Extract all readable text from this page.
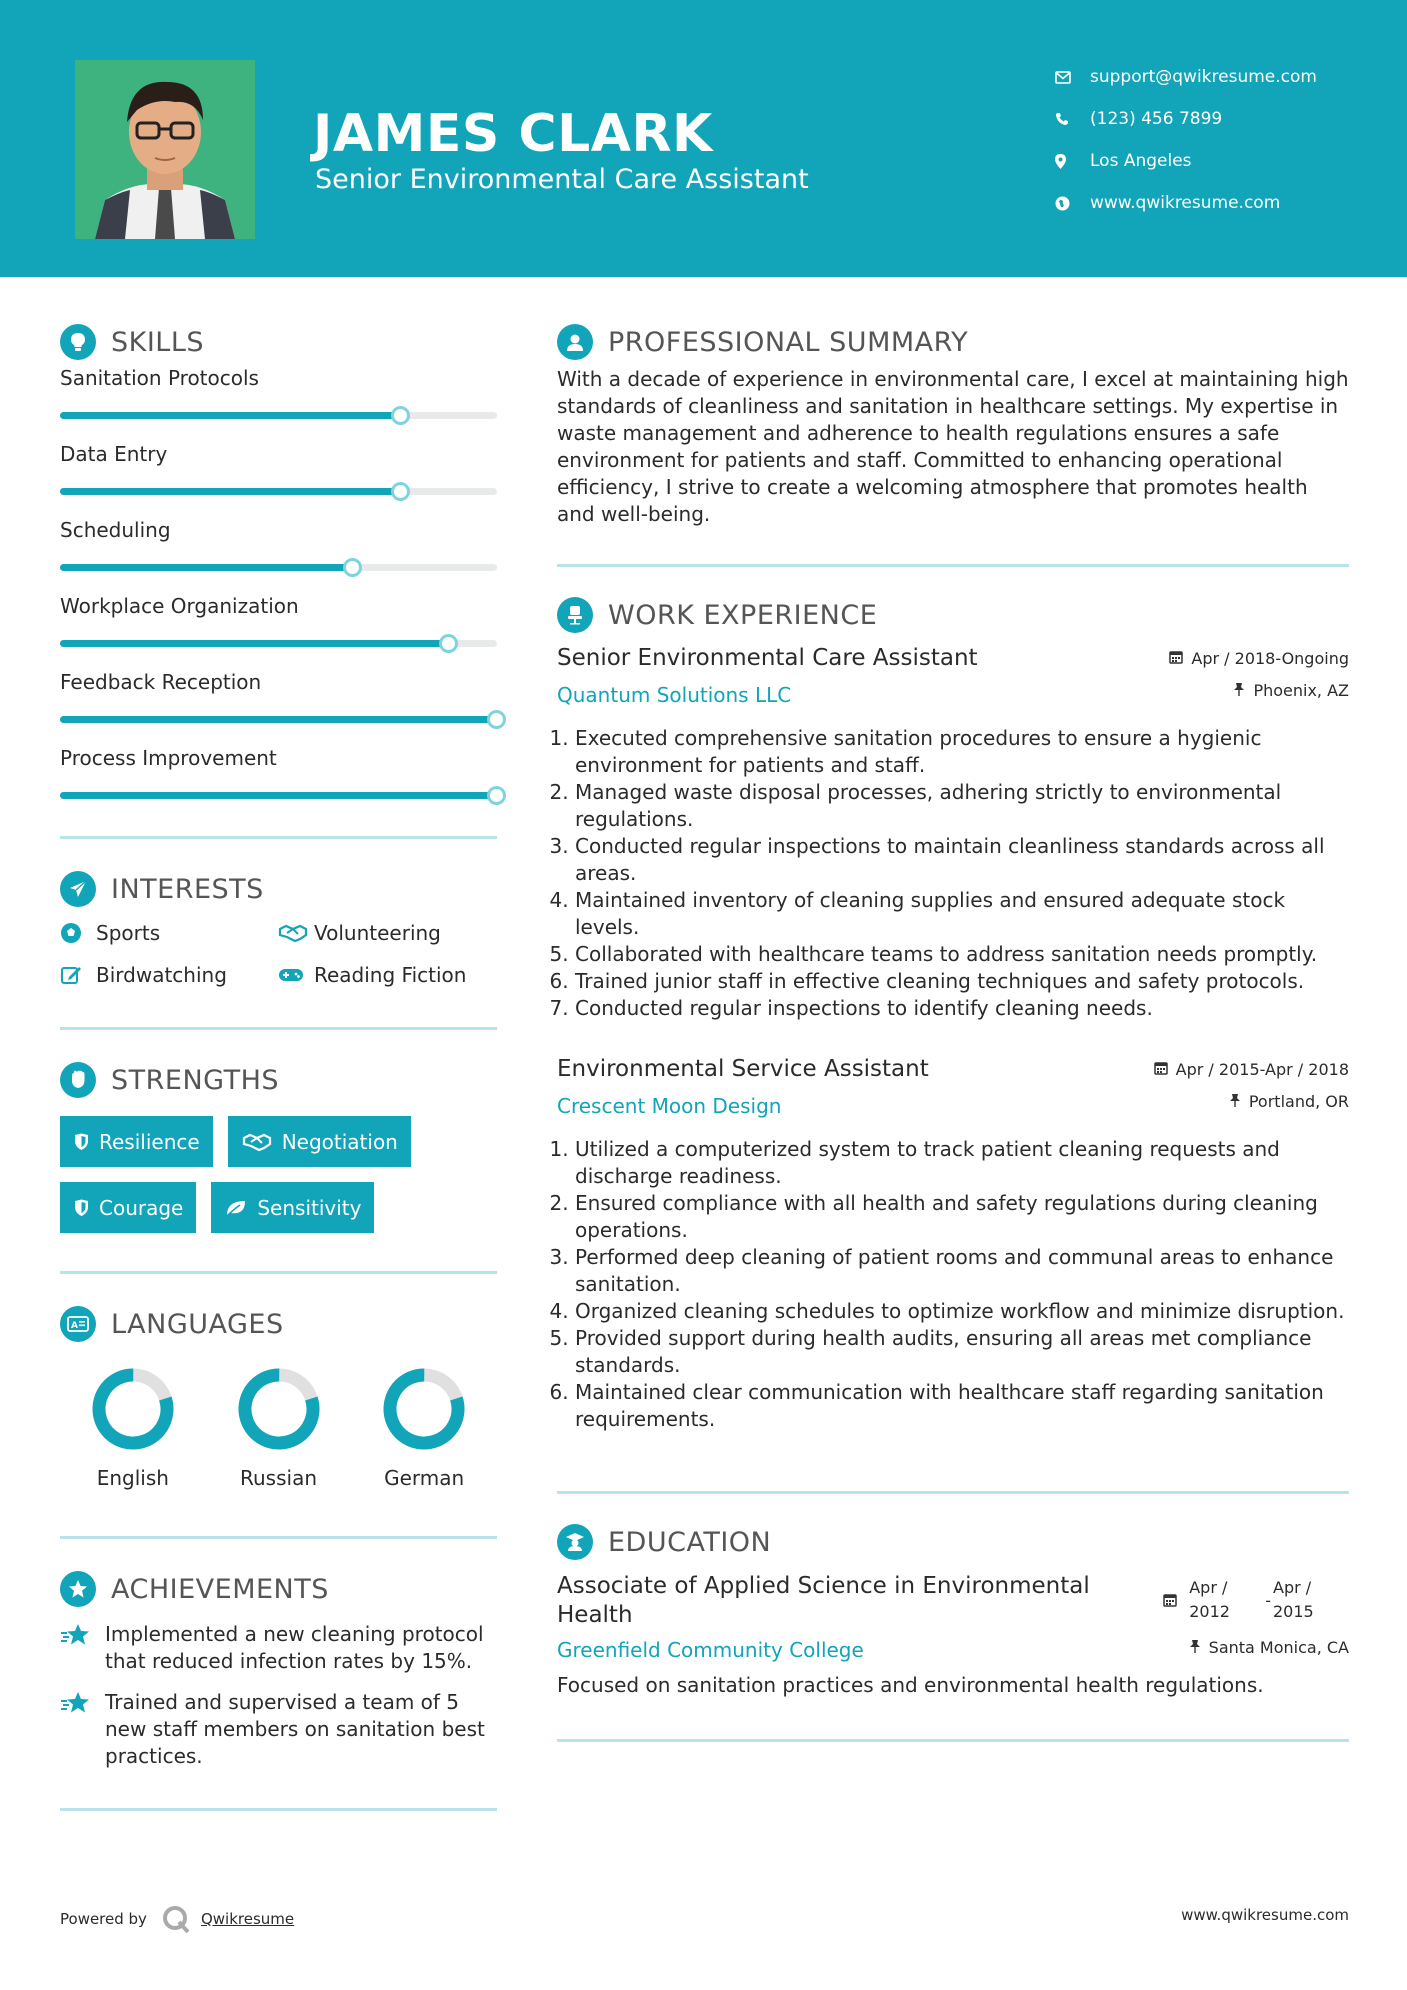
JAMES CLARK
Senior Environmental Care Assistant
support@qwikresume.com
(123) 456 7899
Los Angeles
www.qwikresume.com
SKILLS
Sanitation Protocols
Data Entry
Scheduling
Workplace Organization
Feedback Reception
Process Improvement
INTERESTS
Sports	Volunteering
Birdwatching	Reading Fiction
STRENGTHS
Resilience	Negotiation
Courage	Sensitivity
A LANGUAGES
English	Russian	German
ACHIEVEMENTS
Implemented a new cleaning protocol that reduced infection rates by 15%.
Trained and supervised a team of 5 new staff members on sanitation best practices.
PROFESSIONAL SUMMARY

With a decade of experience in environmental care, I excel at maintaining high standards of cleanliness and sanitation in healthcare settings. My expertise in waste management and adherence to health regulations ensures a safe environment for patients and staff. Committed to enhancing operational efficiency, I strive to create a welcoming atmosphere that promotes health and well-being.

WORK EXPERIENCE
Senior Environmental Care Assistant	Apr / 2018-Ongoing
Quantum Solutions LLC	Phoenix, AZ
1. Executed comprehensive sanitation procedures to ensure a hygienic environment for patients and staff.
2. Managed waste disposal processes, adhering strictly to environmental regulations.
3. Conducted regular inspections to maintain cleanliness standards across all areas.
4. Maintained inventory of cleaning supplies and ensured adequate stock levels.
5. Collaborated with healthcare teams to address sanitation needs promptly.
6. Trained junior staff in effective cleaning techniques and safety protocols.
7. Conducted regular inspections to identify cleaning needs.
Environmental Service Assistant	Apr / 2015-Apr / 2018
Crescent Moon Design	Portland, OR
1. Utilized a computerized system to track patient cleaning requests and discharge readiness.
2. Ensured compliance with all health and safety regulations during cleaning operations.
3. Performed deep cleaning of patient rooms and communal areas to enhance sanitation.
4. Organized cleaning schedules to optimize workflow and minimize disruption.
5. Provided support during health audits, ensuring all areas met compliance standards.
6. Maintained clear communication with healthcare staff regarding sanitation requirements.
EDUCATION
Associate of Applied Science in Environmental Health
Apr / 2012
-
Apr / 2015
Greenfield Community College	Santa Monica, CA

Focused on sanitation practices and environmental health regulations.

Powered by	Qwikresume	www.qwikresume.com
